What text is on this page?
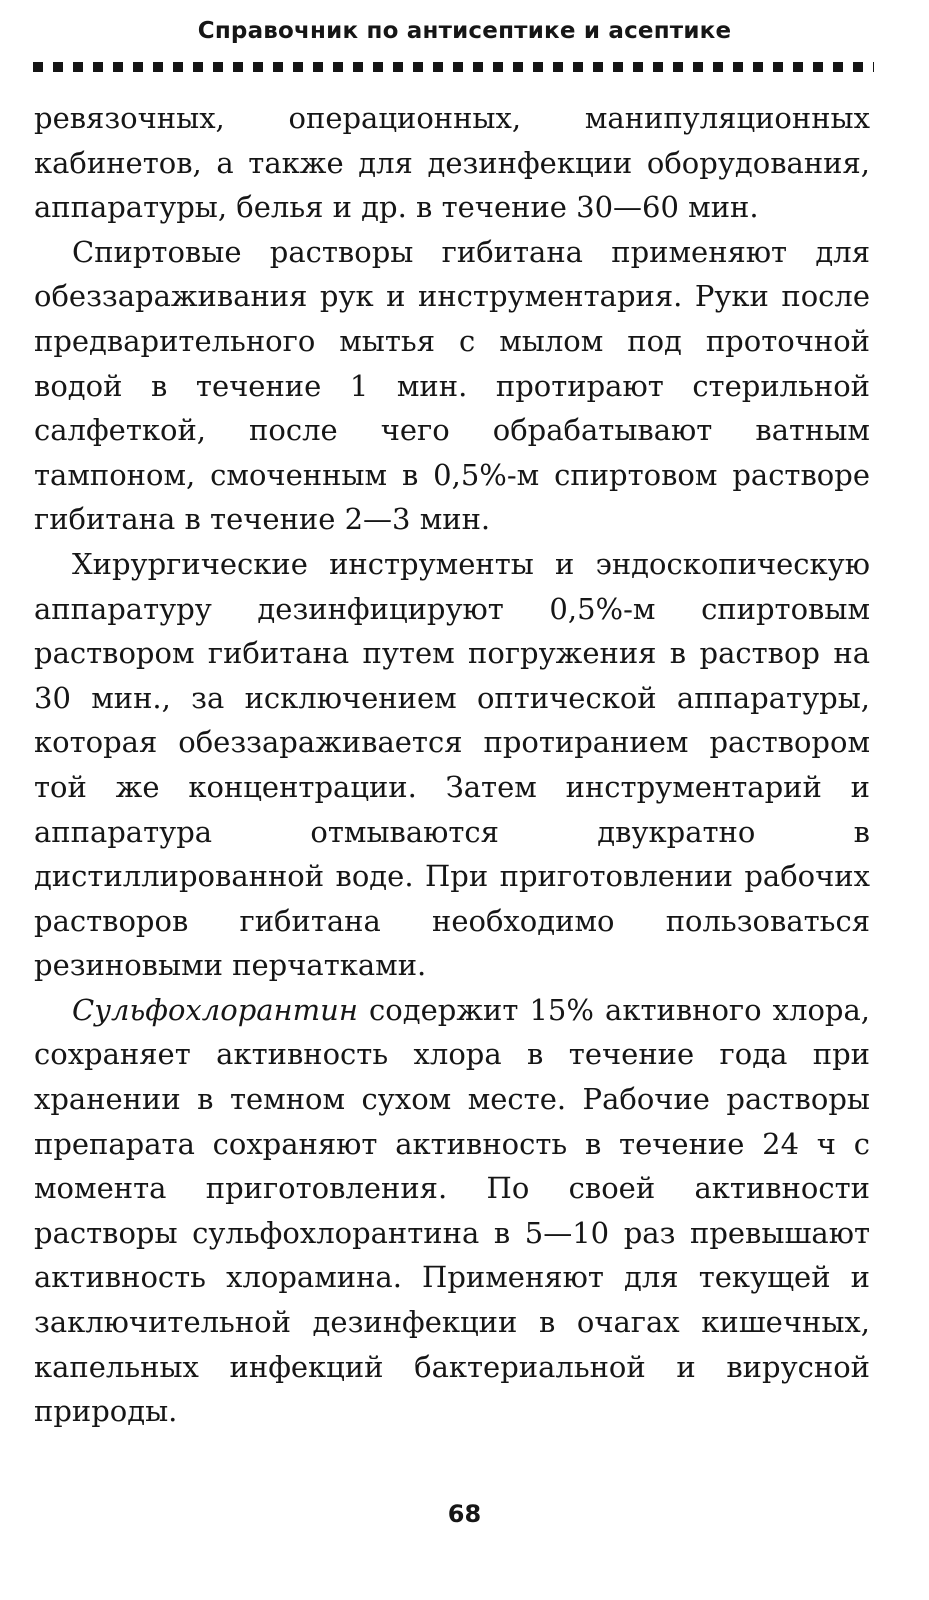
Справочник по антисептике и асептике

ревязочных, операционных, манипуляционных кабинетов, а также для дезинфекции оборудования, аппаратуры, белья и др. в течение 30—60 мин.

Спиртовые растворы гибитана применяют для обеззараживания рук и инструментария. Руки после предварительного мытья с мылом под проточной водой в течение 1 мин. протирают стерильной салфеткой, после чего обрабатывают ватным тампоном, смоченным в 0,5%-м спиртовом растворе гибитана в течение 2—3 мин.

Хирургические инструменты и эндоскопическую аппаратуру дезинфицируют 0,5%-м спиртовым раствором гибитана путем погружения в раствор на 30 мин., за исключением оптической аппаратуры, которая обеззараживается протиранием раствором той же концентрации. Затем инструментарий и аппаратура отмываются двукратно в дистиллированной воде. При приготовлении рабочих растворов гибитана необходимо пользоваться резиновыми перчатками.

Сульфохлорантин содержит 15% активного хлора, сохраняет активность хлора в течение года при хранении в темном сухом месте. Рабочие растворы препарата сохраняют активность в течение 24 ч с момента приготовления. По своей активности растворы сульфохлорантина в 5—10 раз превышают активность хлорамина. Применяют для текущей и заключительной дезинфекции в очагах кишечных, капельных инфекций бактериальной и вирусной природы.

68
